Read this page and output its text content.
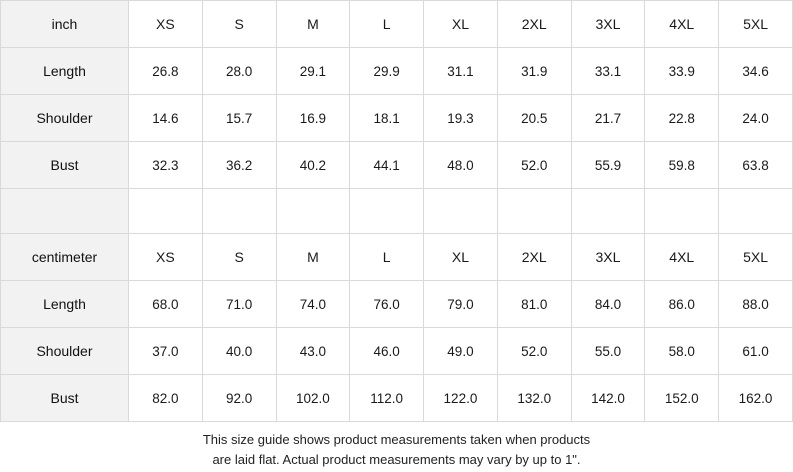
inch	XS	S	M	L	XL	2XL	3XL	4XL	5XL
Length	26.8	28.0	29.1	29.9	31.1	31.9	33.1	33.9	34.6
Shoulder	14.6	15.7	16.9	18.1	19.3	20.5	21.7	22.8	24.0
Bust	32.3	36.2	40.2	44.1	48.0	52.0	55.9	59.8	63.8

centimeter	XS	S	M	L	XL	2XL	3XL	4XL	5XL
Length	68.0	71.0	74.0	76.0	79.0	81.0	84.0	86.0	88.0
Shoulder	37.0	40.0	43.0	46.0	49.0	52.0	55.0	58.0	61.0
Bust	82.0	92.0	102.0	112.0	122.0	132.0	142.0	152.0	162.0
This size guide shows product measurements taken when products
are laid flat. Actual product measurements may vary by up to 1".
